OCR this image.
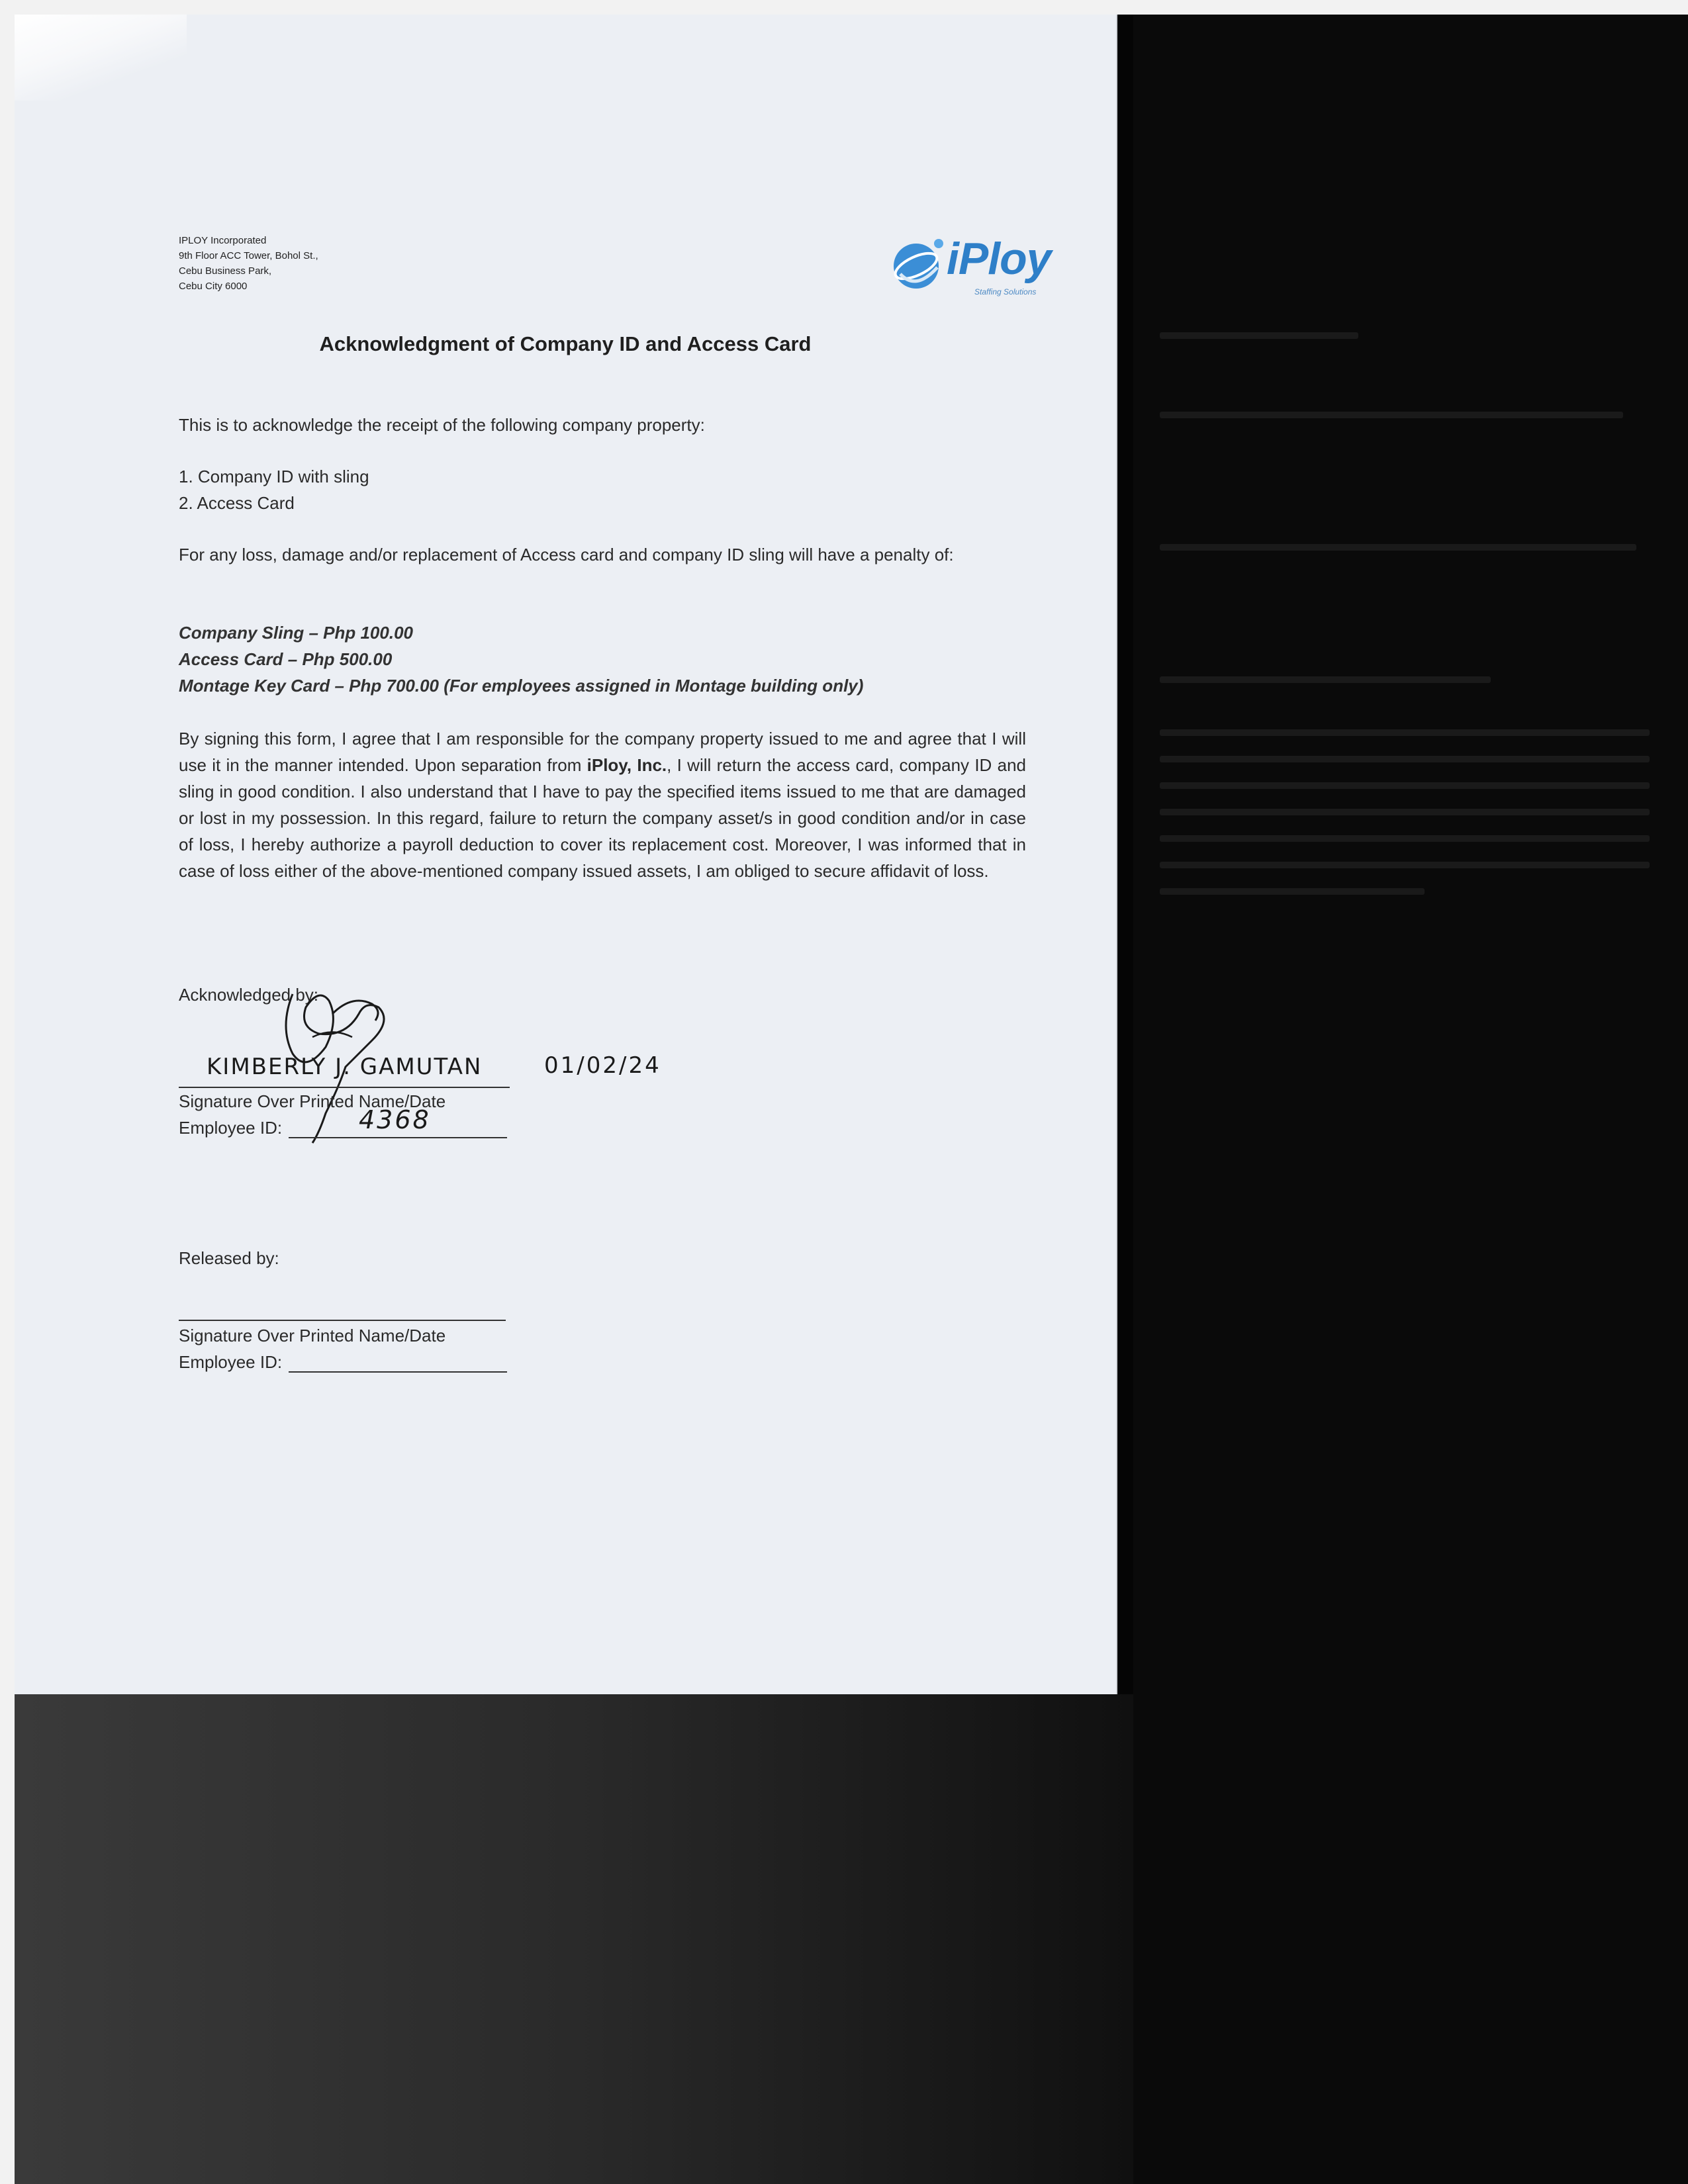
IPLOY Incorporated
9th Floor ACC Tower, Bohol St.,
Cebu Business Park,
Cebu City 6000
iPloy
Staffing Solutions
Acknowledgment of Company ID and Access Card
This is to acknowledge the receipt of the following company property:
1. Company ID with sling
2. Access Card
For any loss, damage and/or replacement of Access card and company ID sling will have a penalty of:
Company Sling – Php 100.00
Access Card – Php 500.00
Montage Key Card – Php 700.00 (For employees assigned in Montage building only)
By signing this form, I agree that I am responsible for the company property issued to me and agree that I will use it in the manner intended. Upon separation from iPloy, Inc., I will return the access card, company ID and sling in good condition. I also understand that I have to pay the specified items issued to me that are damaged or lost in my possession. In this regard, failure to return the company asset/s in good condition and/or in case of loss, I hereby authorize a payroll deduction to cover its replacement cost. Moreover, I was informed that in case of loss either of the above-mentioned company issued assets, I am obliged to secure affidavit of loss.
Acknowledged by:
KIMBERLY J. GAMUTAN	01/02/24
Signature Over Printed Name/Date
Employee ID:	4368
Released by:
Signature Over Printed Name/Date
Employee ID:
